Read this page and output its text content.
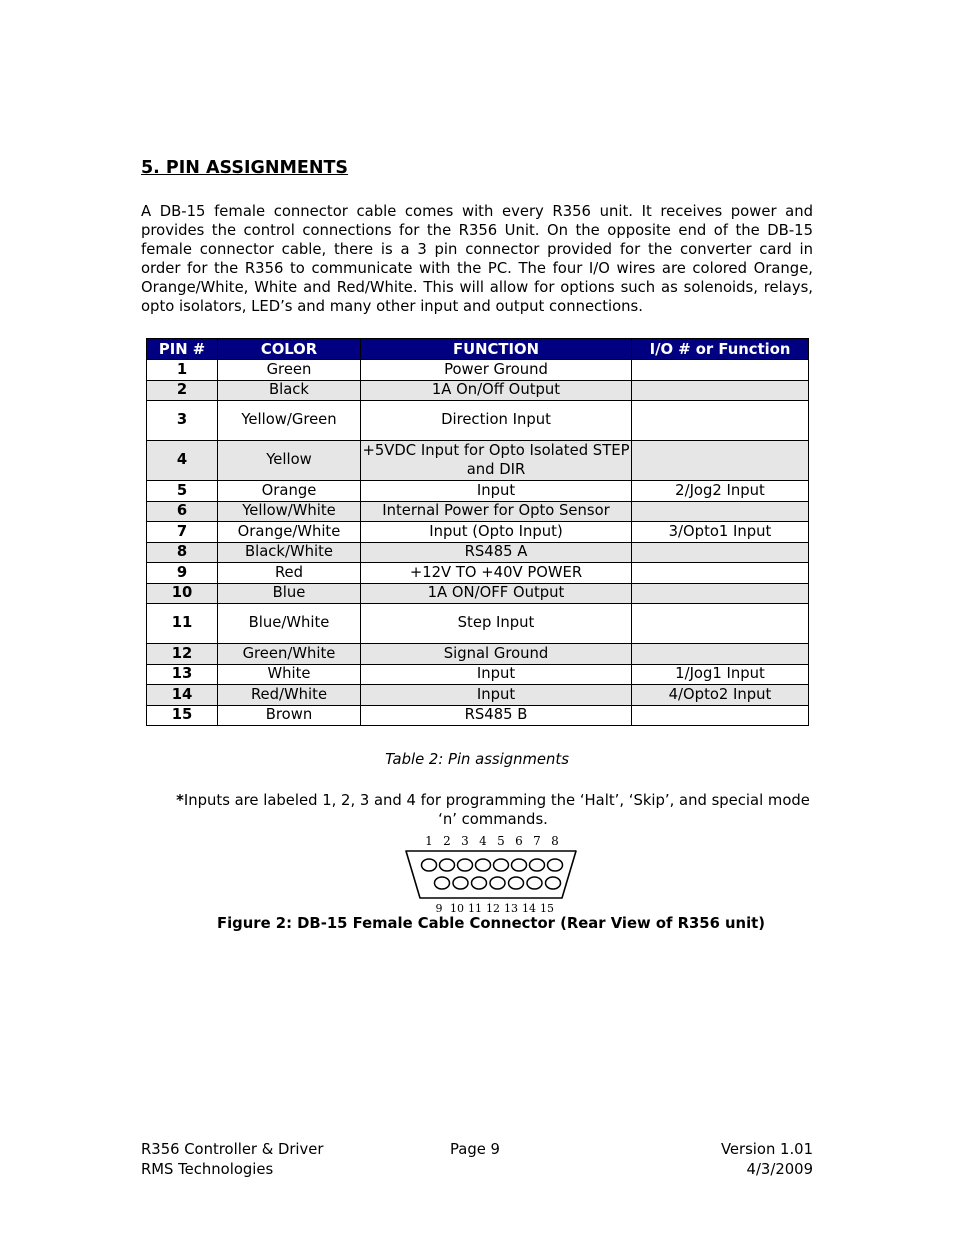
5. PIN ASSIGNMENTS

A DB-15 female connector cable comes with every R356 unit. It receives power and provides the control connections for the R356 Unit. On the opposite end of the DB-15 female connector cable, there is a 3 pin connector provided for the converter card in order for the R356 to communicate with the PC. The four I/O wires are colored Orange, Orange/White, White and Red/White. This will allow for options such as solenoids, relays, opto isolators, LED’s and many other input and output connections.

PIN #	COLOR	FUNCTION	I/O # or Function
1	Green	Power Ground	
2	Black	1A On/Off Output	
3	Yellow/Green	Direction Input	
4	Yellow	+5VDC Input for Opto Isolated STEP and DIR	
5	Orange	Input	2/Jog2 Input
6	Yellow/White	Internal Power for Opto Sensor	
7	Orange/White	Input (Opto Input)	3/Opto1 Input
8	Black/White	RS485 A	
9	Red	+12V TO +40V POWER	
10	Blue	1A ON/OFF Output	
11	Blue/White	Step Input	
12	Green/White	Signal Ground	
13	White	Input	1/Jog1 Input
14	Red/White	Input	4/Opto2 Input
15	Brown	RS485 B	
Table 2: Pin assignments
*Inputs are labeled 1, 2, 3 and 4 for programming the ‘Halt’, ‘Skip’, and special mode ‘n’ commands.
1 2 3 4 5 6 7 8
9 10 11 12 13 14 15
Figure 2: DB-15 Female Cable Connector (Rear View of R356 unit)
R356 Controller & Driver
RMS Technologies
Page 9	Version 1.01
4/3/2009
